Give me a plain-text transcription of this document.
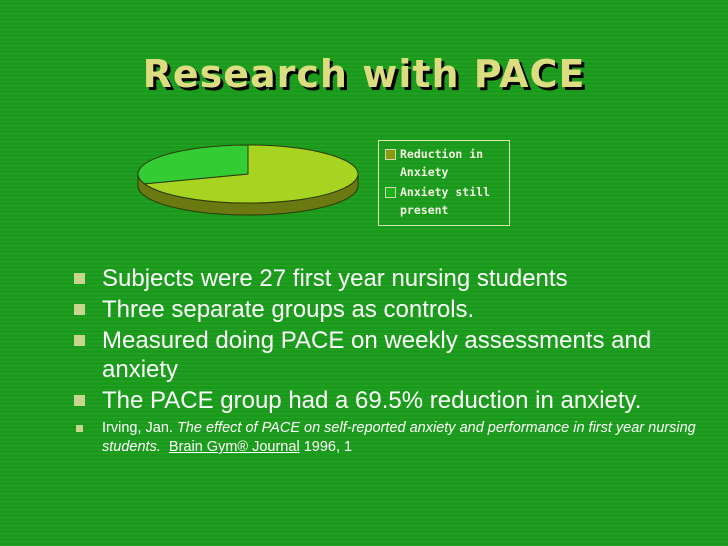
Research with PACE
Reduction in Anxiety
Anxiety still present
Subjects were 27 first year nursing students
Three separate groups as controls.
Measured doing PACE on weekly assessments and anxiety
The PACE group had a 69.5% reduction in anxiety.
Irving, Jan. The effect of PACE on self-reported anxiety and performance in first year nursing students. Brain Gym® Journal 1996, 1
